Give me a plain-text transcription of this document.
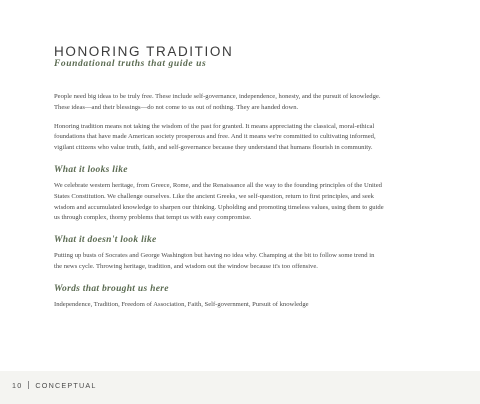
HONORING TRADITION
Foundational truths that guide us

People need big ideas to be truly free. These include self-governance, independence, honesty, and the pursuit of knowledge. These ideas—and their blessings—do not come to us out of nothing. They are handed down.

Honoring tradition means not taking the wisdom of the past for granted. It means appreciating the classical, moral-ethical foundations that have made American society prosperous and free. And it means we're committed to cultivating informed, vigilant citizens who value truth, faith, and self-governance because they understand that humans flourish in community.

What it looks like

We celebrate western heritage, from Greece, Rome, and the Renaissance all the way to the founding principles of the United States Constitution. We challenge ourselves. Like the ancient Greeks, we self-question, return to first principles, and seek wisdom and accumulated knowledge to sharpen our thinking. Upholding and promoting timeless values, using them to guide us through complex, thorny problems that tempt us with easy compromise.

What it doesn't look like

Putting up busts of Socrates and George Washington but having no idea why. Champing at the bit to follow some trend in the news cycle. Throwing heritage, tradition, and wisdom out the window because it's too offensive.

Words that brought us here

Independence, Tradition, Freedom of Association, Faith, Self-government, Pursuit of knowledge

10 CONCEPTUAL
